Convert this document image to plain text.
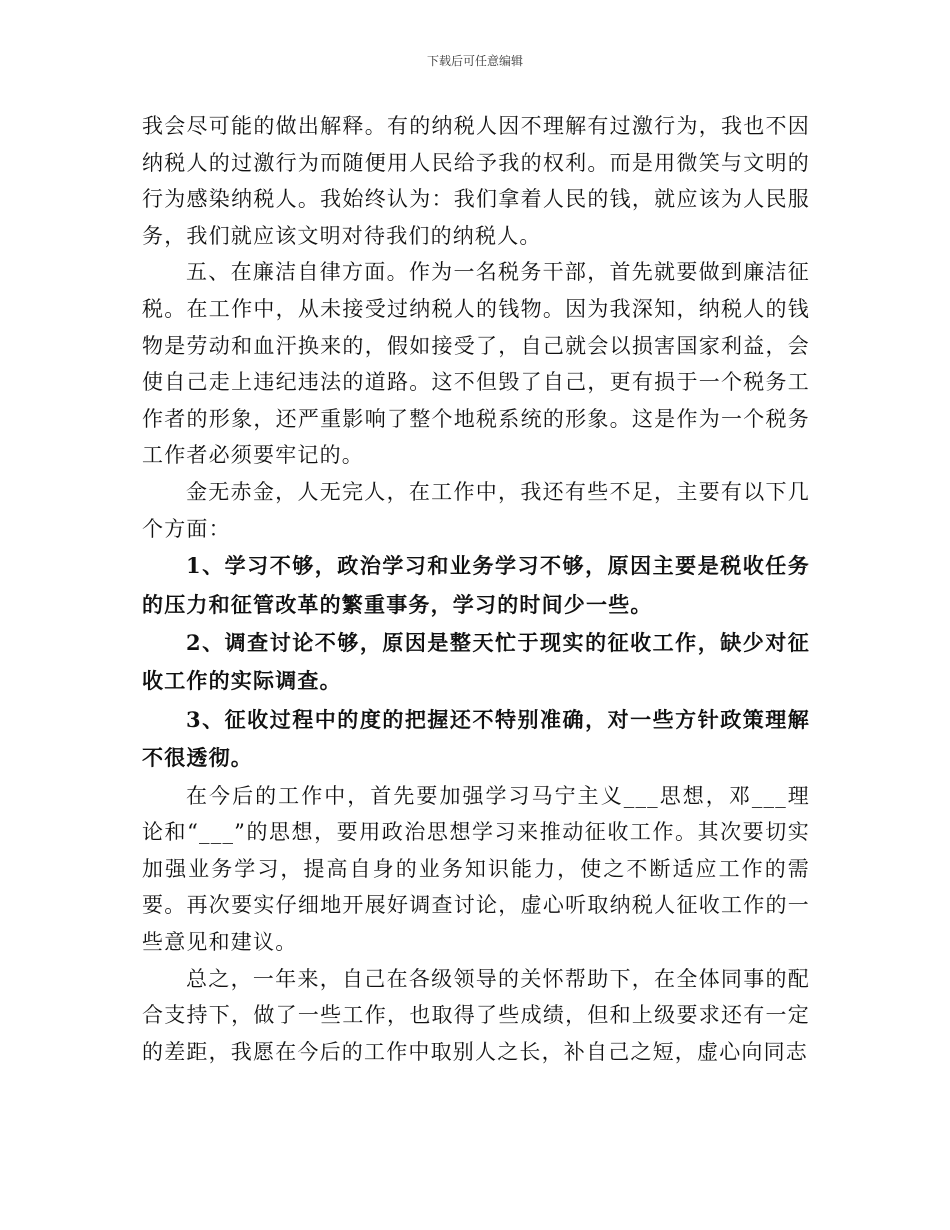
下载后可任意编辑

我会尽可能的做出解释。有的纳税人因不理解有过激行为，我也不因纳税人的过激行为而随便用人民给予我的权利。而是用微笑与文明的行为感染纳税人。我始终认为：我们拿着人民的钱，就应该为人民服务，我们就应该文明对待我们的纳税人。

五、在廉洁自律方面。作为一名税务干部，首先就要做到廉洁征税。在工作中，从未接受过纳税人的钱物。因为我深知，纳税人的钱物是劳动和血汗换来的，假如接受了，自己就会以损害国家利益，会使自己走上违纪违法的道路。这不但毁了自己，更有损于一个税务工作者的形象，还严重影响了整个地税系统的形象。这是作为一个税务工作者必须要牢记的。

金无赤金，人无完人，在工作中，我还有些不足，主要有以下几个方面：

1、学习不够，政治学习和业务学习不够，原因主要是税收任务的压力和征管改革的繁重事务，学习的时间少一些。

2、调查讨论不够，原因是整天忙于现实的征收工作，缺少对征收工作的实际调查。

3、征收过程中的度的把握还不特别准确，对一些方针政策理解不很透彻。

在今后的工作中，首先要加强学习马宁主义___思想，邓___理论和“___”的思想，要用政治思想学习来推动征收工作。其次要切实加强业务学习，提高自身的业务知识能力，使之不断适应工作的需要。再次要实仔细地开展好调查讨论，虚心听取纳税人征收工作的一些意见和建议。

总之，一年来，自己在各级领导的关怀帮助下，在全体同事的配合支持下，做了一些工作，也取得了些成绩，但和上级要求还有一定的差距，我愿在今后的工作中取别人之长，补自己之短，虚心向同志
